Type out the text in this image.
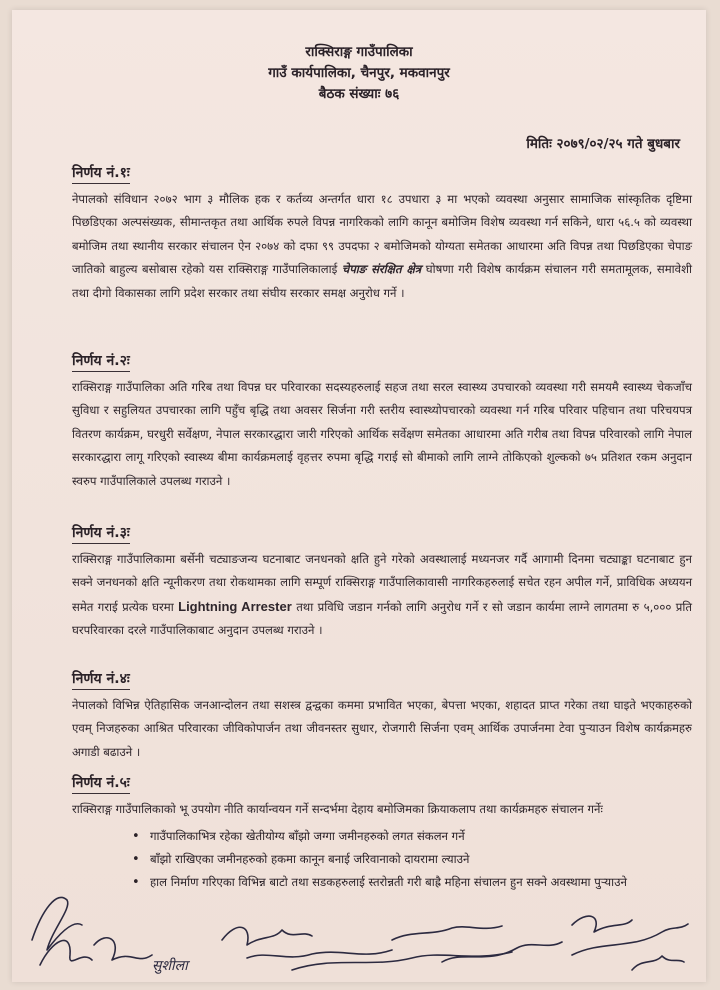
राक्सिराङ्ग गाउँपालिका
गाउँ कार्यपालिका, चैनपुर, मकवानपुर
बैठक संख्याः ७६
मितिः २०७९/०२/२५ गते बुधबार
निर्णय नं.१ः
नेपालको संविधान २०७२ भाग ३ मौलिक हक र कर्तव्य अन्तर्गत धारा १८ उपधारा ३ मा भएको व्यवस्था अनुसार सामाजिक सांस्कृतिक दृष्टिमा पिछडिएका अल्पसंख्यक, सीमान्तकृत तथा आर्थिक रुपले विपन्न नागरिकको लागि कानून बमोजिम विशेष व्यवस्था गर्न सकिने, धारा ५६.५ को व्यवस्था बमोजिम तथा स्थानीय सरकार संचालन ऐन २०७४ को दफा ९९ उपदफा २ बमोजिमको योग्यता समेतका आधारमा अति विपन्न तथा पिछडिएका चेपाङ जातिको बाहुल्य बसोबास रहेको यस राक्सिराङ्ग गाउँपालिकालाई चेपाङ संरक्षित क्षेत्र घोषणा गरी विशेष कार्यक्रम संचालन गरी समतामूलक, समावेशी तथा दीगो विकासका लागि प्रदेश सरकार तथा संघीय सरकार समक्ष अनुरोध गर्ने ।
निर्णय नं.२ः
राक्सिराङ्ग गाउँपालिका अति गरिब तथा विपन्न घर परिवारका सदस्यहरुलाई सहज तथा सरल स्वास्थ्य उपचारको व्यवस्था गरी समयमै स्वास्थ्य चेकजाँच सुविधा र सहुलियत उपचारका लागि पहुँच बृद्धि तथा अवसर सिर्जना गरी स्तरीय स्वास्थ्योपचारको व्यवस्था गर्न गरिब परिवार पहिचान तथा परिचयपत्र वितरण कार्यक्रम, घरधुरी सर्वेक्षण, नेपाल सरकारद्धारा जारी गरिएको आर्थिक सर्वेक्षण समेतका आधारमा अति गरीब तथा विपन्न परिवारको लागि नेपाल सरकारद्धारा लागू गरिएको स्वास्थ्य बीमा कार्यक्रमलाई वृहत्तर रुपमा बृद्धि गराई सो बीमाको लागि लाग्ने तोकिएको शुल्कको ७५ प्रतिशत रकम अनुदान स्वरुप गाउँपालिकाले उपलब्ध गराउने ।
निर्णय नं.३ः
राक्सिराङ्ग गाउँपालिकामा बर्सेनी चट्याङजन्य घटनाबाट जनधनको क्षति हुने गरेको अवस्थालाई मध्यनजर गर्दै आगामी दिनमा चट्याङ्का घटनाबाट हुन सक्ने जनधनको क्षति न्यूनीकरण तथा रोकथामका लागि सम्पूर्ण राक्सिराङ्ग गाउँपालिकावासी नागरिकहरुलाई सचेत रहन अपील गर्ने, प्राविधिक अध्ययन समेत गराई प्रत्येक घरमा Lightning Arrester तथा प्रविधि जडान गर्नको लागि अनुरोध गर्ने र सो जडान कार्यमा लाग्ने लागतमा रु ५,००० प्रति घरपरिवारका दरले गाउँपालिकाबाट अनुदान उपलब्ध गराउने ।
निर्णय नं.४ः
नेपालको विभिन्न ऐतिहासिक जनआन्दोलन तथा सशस्त्र द्वन्द्वका कममा प्रभावित भएका, बेपत्ता भएका, शहादत प्राप्त गरेका तथा घाइते भएकाहरुको एवम् निजहरुका आश्रित परिवारका जीविकोपार्जन तथा जीवनस्तर सुधार, रोजगारी सिर्जना एवम् आर्थिक उपार्जनमा टेवा पुऱ्याउन विशेष कार्यक्रमहरु अगाडी बढाउने ।
निर्णय नं.५ः
राक्सिराङ्ग गाउँपालिकाको भू उपयोग नीति कार्यान्वयन गर्ने सन्दर्भमा देहाय बमोजिमका क्रियाकलाप तथा कार्यक्रमहरु संचालन गर्नेः
• गाउँपालिकाभित्र रहेका खेतीयोग्य बाँझो जग्गा जमीनहरुको लगत संकलन गर्ने
• बाँझो राखिएका जमीनहरुको हकमा कानून बनाई जरिवानाको दायरामा ल्याउने
• हाल निर्माण गरिएका विभिन्न बाटो तथा सडकहरुलाई स्तरोन्नती गरी बाह्रै महिना संचालन हुन सक्ने अवस्थामा पुऱ्याउने
सुशीला
